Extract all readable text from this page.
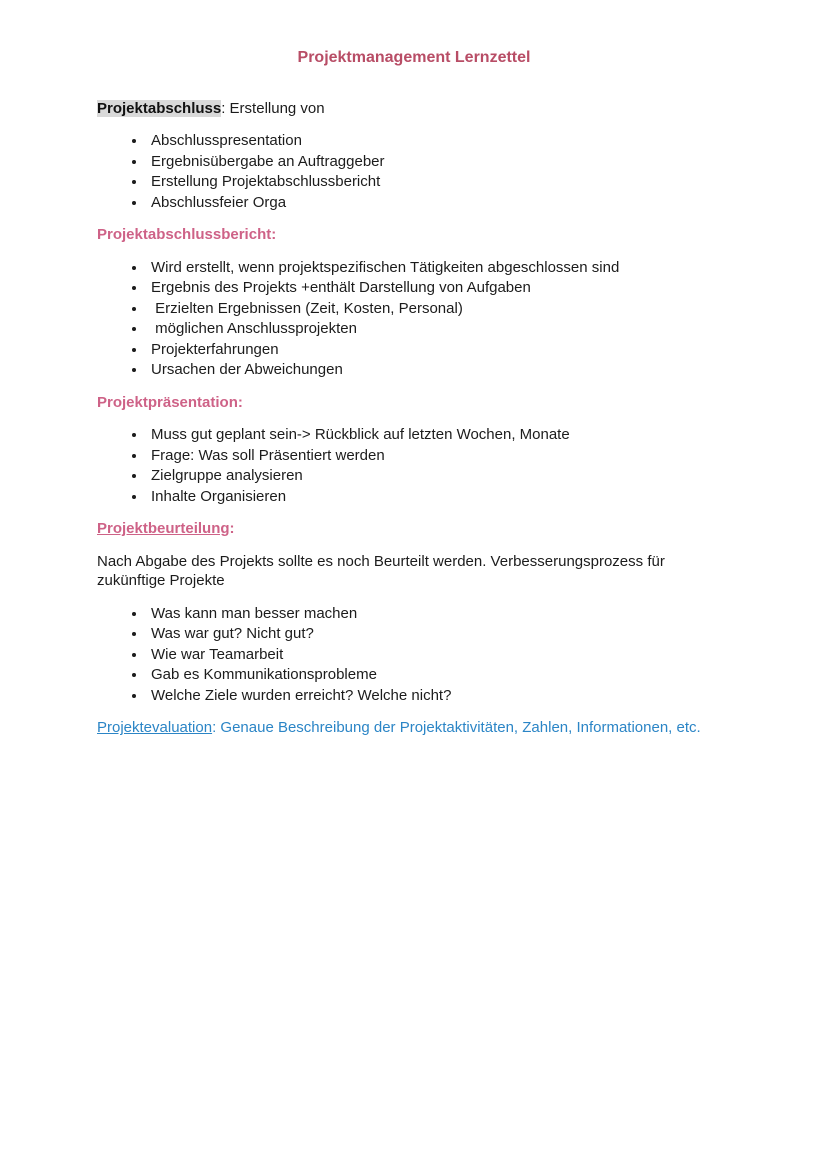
Projektmanagement Lernzettel

Projektabschluss: Erstellung von

• Abschlusspresentation
• Ergebnisübergabe an Auftraggeber
• Erstellung Projektabschlussbericht
• Abschlussfeier Orga

Projektabschlussbericht:

• Wird erstellt, wenn projektspezifischen Tätigkeiten abgeschlossen sind
• Ergebnis des Projekts +enthält Darstellung von Aufgaben
•  Erzielten Ergebnissen (Zeit, Kosten, Personal)
•  möglichen Anschlussprojekten
• Projekterfahrungen
• Ursachen der Abweichungen

Projektpräsentation:

• Muss gut geplant sein-> Rückblick auf letzten Wochen, Monate
• Frage: Was soll Präsentiert werden
• Zielgruppe analysieren
• Inhalte Organisieren

Projektbeurteilung:

Nach Abgabe des Projekts sollte es noch Beurteilt werden. Verbesserungsprozess für zukünftige Projekte

• Was kann man besser machen
• Was war gut? Nicht gut?
• Wie war Teamarbeit
• Gab es Kommunikationsprobleme
• Welche Ziele wurden erreicht? Welche nicht?

Projektevaluation: Genaue Beschreibung der Projektaktivitäten, Zahlen, Informationen, etc.
